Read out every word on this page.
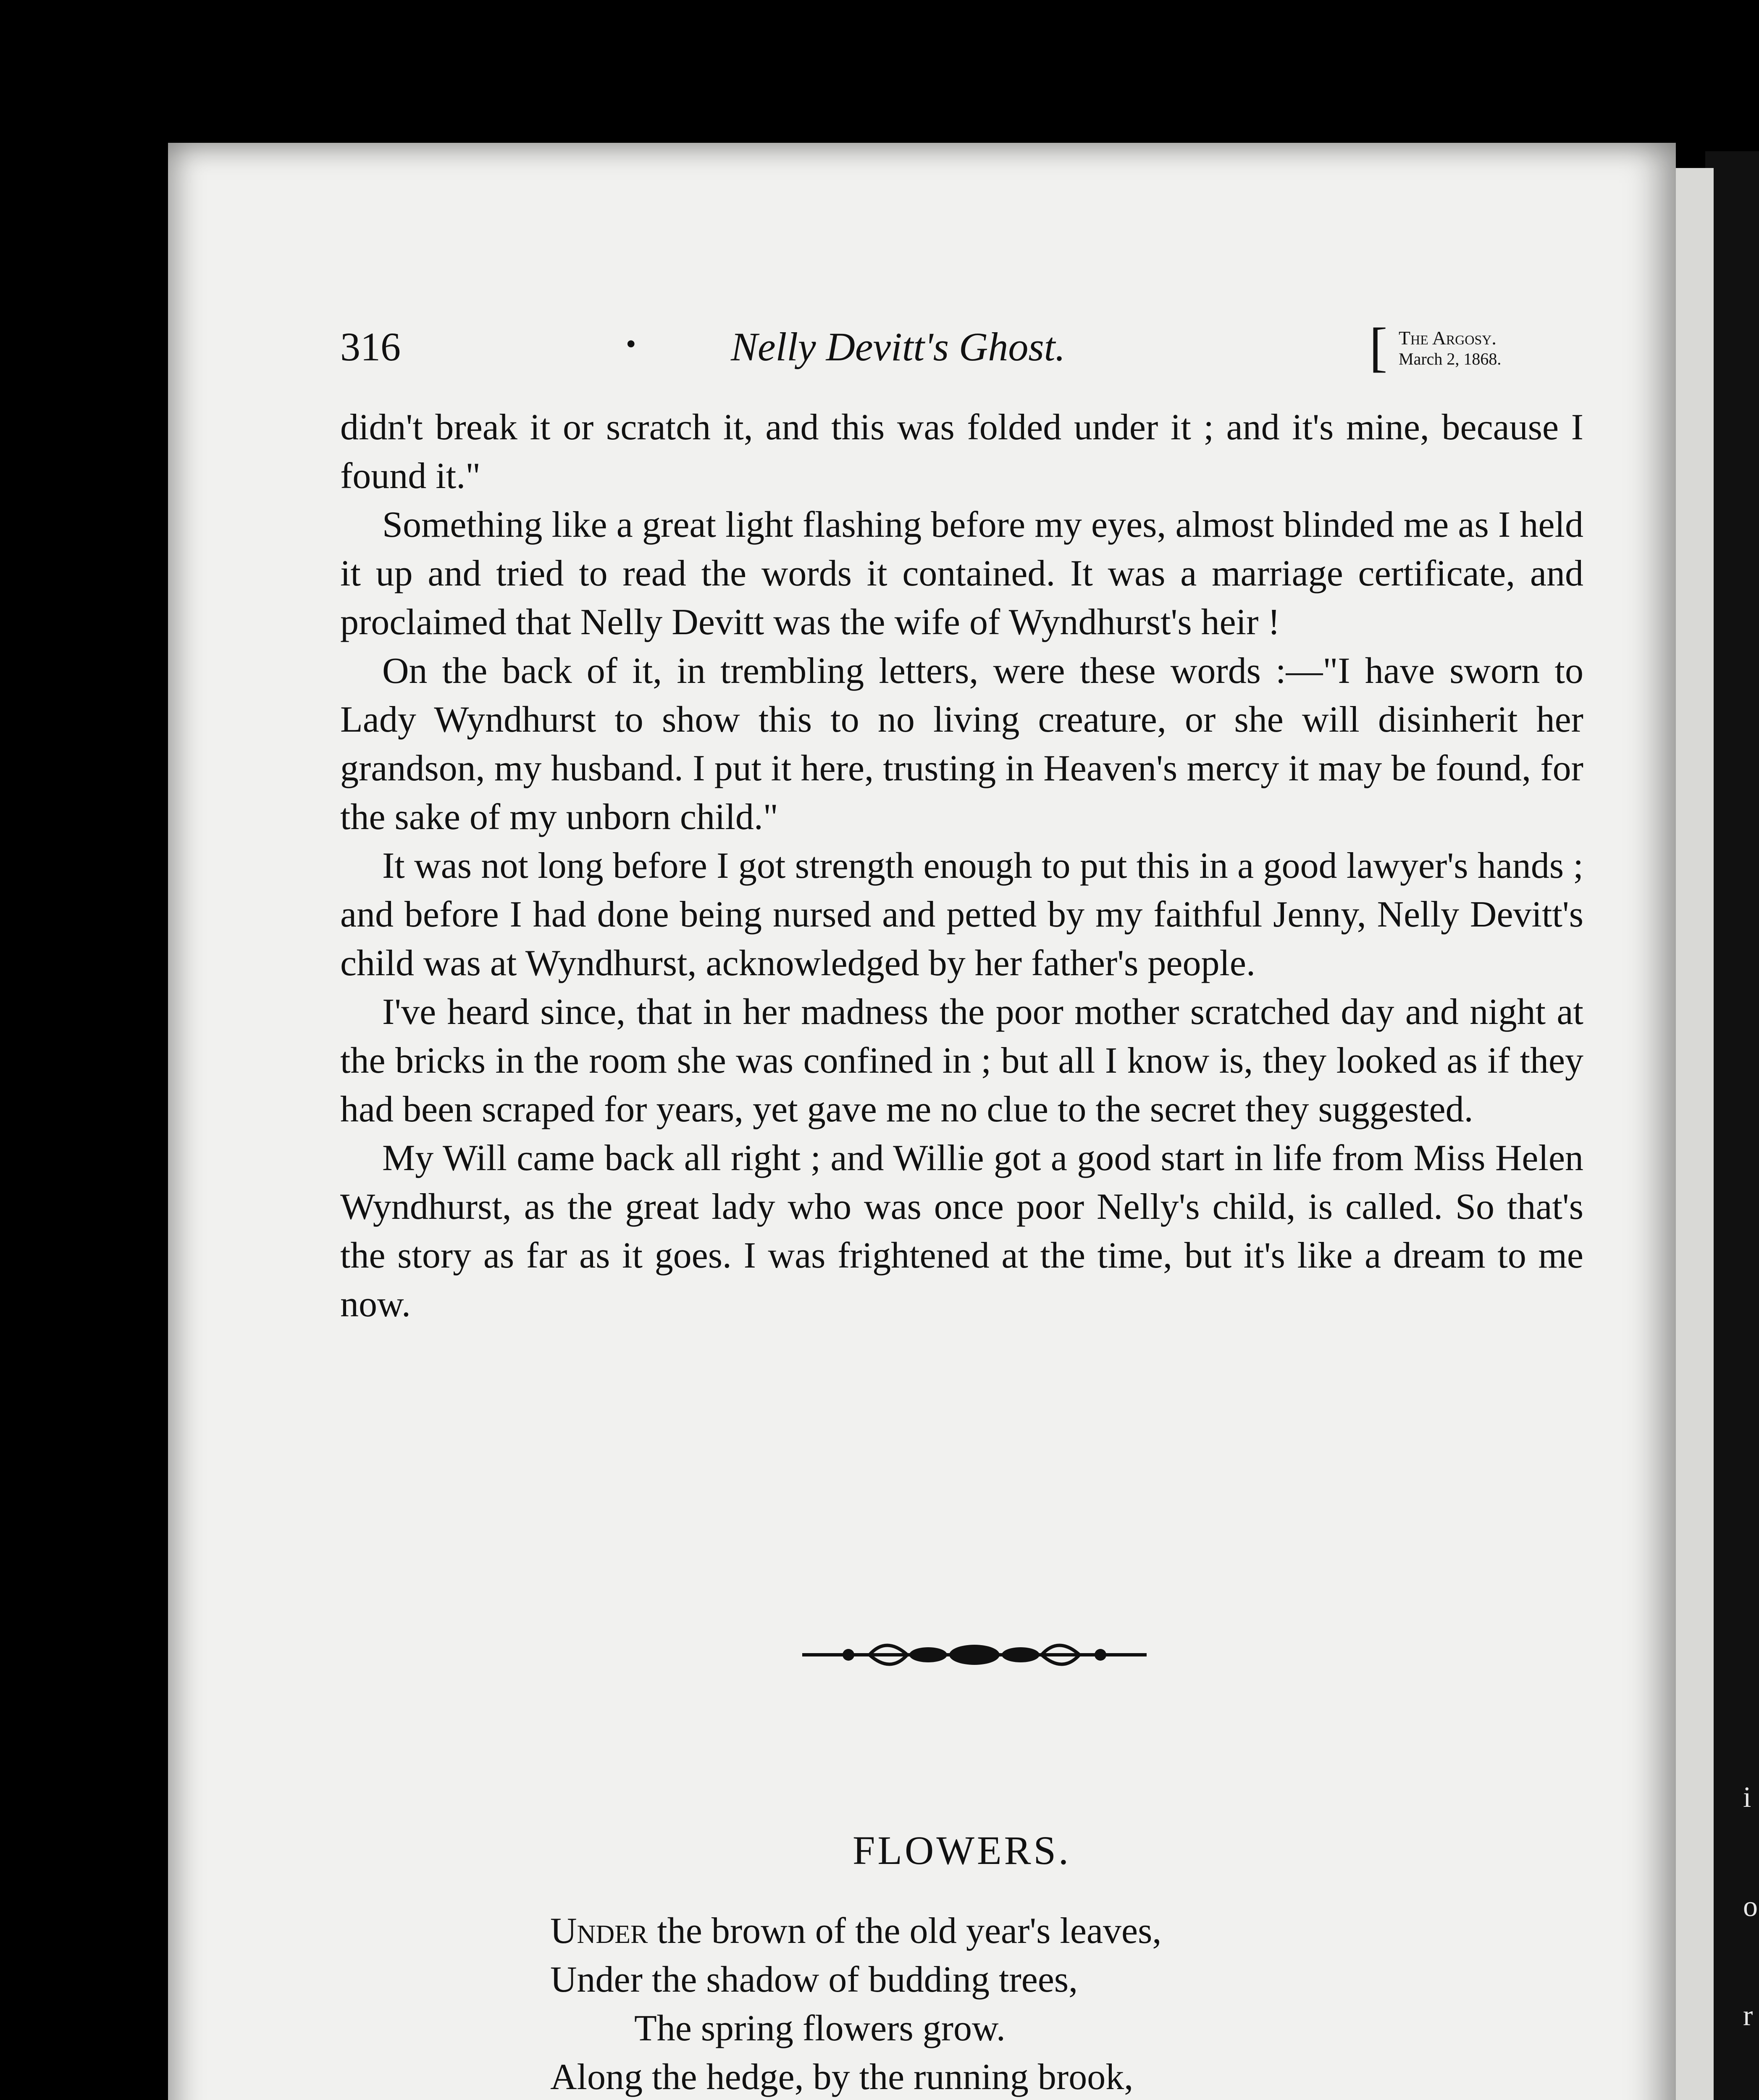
i
o
r
316	• Nelly Devitt's Ghost.	[ The Argosy.
March 2, 1868.

didn't break it or scratch it, and this was folded under it ; and it's mine, because I found it."

Something like a great light flashing before my eyes, almost blinded me as I held it up and tried to read the words it contained. It was a marriage certificate, and proclaimed that Nelly Devitt was the wife of Wyndhurst's heir !

On the back of it, in trembling letters, were these words :—"I have sworn to Lady Wyndhurst to show this to no living creature, or she will disinherit her grandson, my husband. I put it here, trusting in Heaven's mercy it may be found, for the sake of my unborn child."

It was not long before I got strength enough to put this in a good lawyer's hands ; and before I had done being nursed and petted by my faithful Jenny, Nelly Devitt's child was at Wyndhurst, acknowledged by her father's people.

I've heard since, that in her madness the poor mother scratched day and night at the bricks in the room she was confined in ; but all I know is, they looked as if they had been scraped for years, yet gave me no clue to the secret they suggested.

My Will came back all right ; and Willie got a good start in life from Miss Helen Wyndhurst, as the great lady who was once poor Nelly's child, is called. So that's the story as far as it goes. I was frightened at the time, but it's like a dream to me now.

FLOWERS.
Under the brown of the old year's leaves,
Under the shadow of budding trees,
The spring flowers grow.
Along the hedge, by the running brook,
